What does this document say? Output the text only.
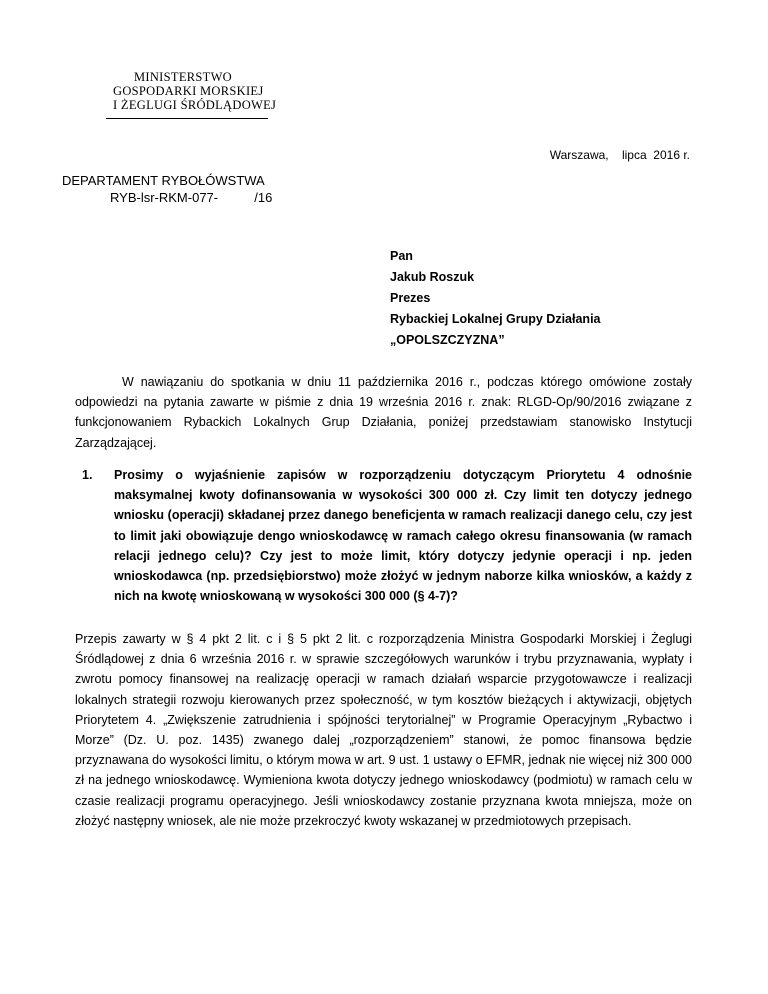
MINISTERSTWO
GOSPODARKI MORSKIEJ
I ŻEGLUGI ŚRÓDLĄDOWEJ
Warszawa,    lipca  2016 r.
DEPARTAMENT RYBOŁÓWSTWA
RYB-lsr-RKM-077-          /16
Pan
Jakub Roszuk
Prezes
Rybackiej Lokalnej Grupy Działania
„OPOLSZCZYZNA”
W nawiązaniu do spotkania w dniu 11 października 2016 r., podczas którego omówione zostały odpowiedzi na pytania zawarte w piśmie z dnia 19 września 2016 r. znak: RLGD-Op/90/2016 związane z funkcjonowaniem Rybackich Lokalnych Grup Działania, poniżej przedstawiam stanowisko Instytucji Zarządzającej.
1.	Prosimy o wyjaśnienie zapisów w rozporządzeniu dotyczącym Priorytetu 4 odnośnie maksymalnej kwoty dofinansowania w wysokości 300 000 zł. Czy limit ten dotyczy jednego wniosku (operacji) składanej przez danego beneficjenta w ramach realizacji danego celu, czy jest to limit jaki obowiązuje dengo wnioskodawcę w ramach całego okresu finansowania (w ramach relacji jednego celu)? Czy jest to może limit, który dotyczy jedynie operacji i np. jeden wnioskodawca (np. przedsiębiorstwo) może złożyć w jednym naborze kilka wniosków, a każdy z nich na kwotę wnioskowaną w wysokości 300 000 (§ 4-7)?
Przepis zawarty w § 4 pkt 2 lit. c i § 5 pkt 2 lit. c rozporządzenia Ministra Gospodarki Morskiej i Żeglugi Śródlądowej z dnia 6 września 2016 r. w sprawie szczegółowych warunków i trybu przyznawania, wypłaty i zwrotu pomocy finansowej na realizację operacji w ramach działań wsparcie przygotowawcze i realizacji lokalnych strategii rozwoju kierowanych przez społeczność, w tym kosztów bieżących i aktywizacji, objętych Priorytetem 4. „Zwiększenie zatrudnienia i spójności terytorialnej” w Programie Operacyjnym „Rybactwo i Morze” (Dz. U. poz. 1435) zwanego dalej „rozporządzeniem” stanowi, że pomoc finansowa będzie przyznawana do wysokości limitu, o którym mowa w art. 9 ust. 1 ustawy o EFMR, jednak nie więcej niż 300 000 zł na jednego wnioskodawcę. Wymieniona kwota dotyczy jednego wnioskodawcy (podmiotu) w ramach celu w czasie realizacji programu operacyjnego. Jeśli wnioskodawcy zostanie przyznana kwota mniejsza, może on złożyć następny wniosek, ale nie może przekroczyć kwoty wskazanej w przedmiotowych przepisach.
